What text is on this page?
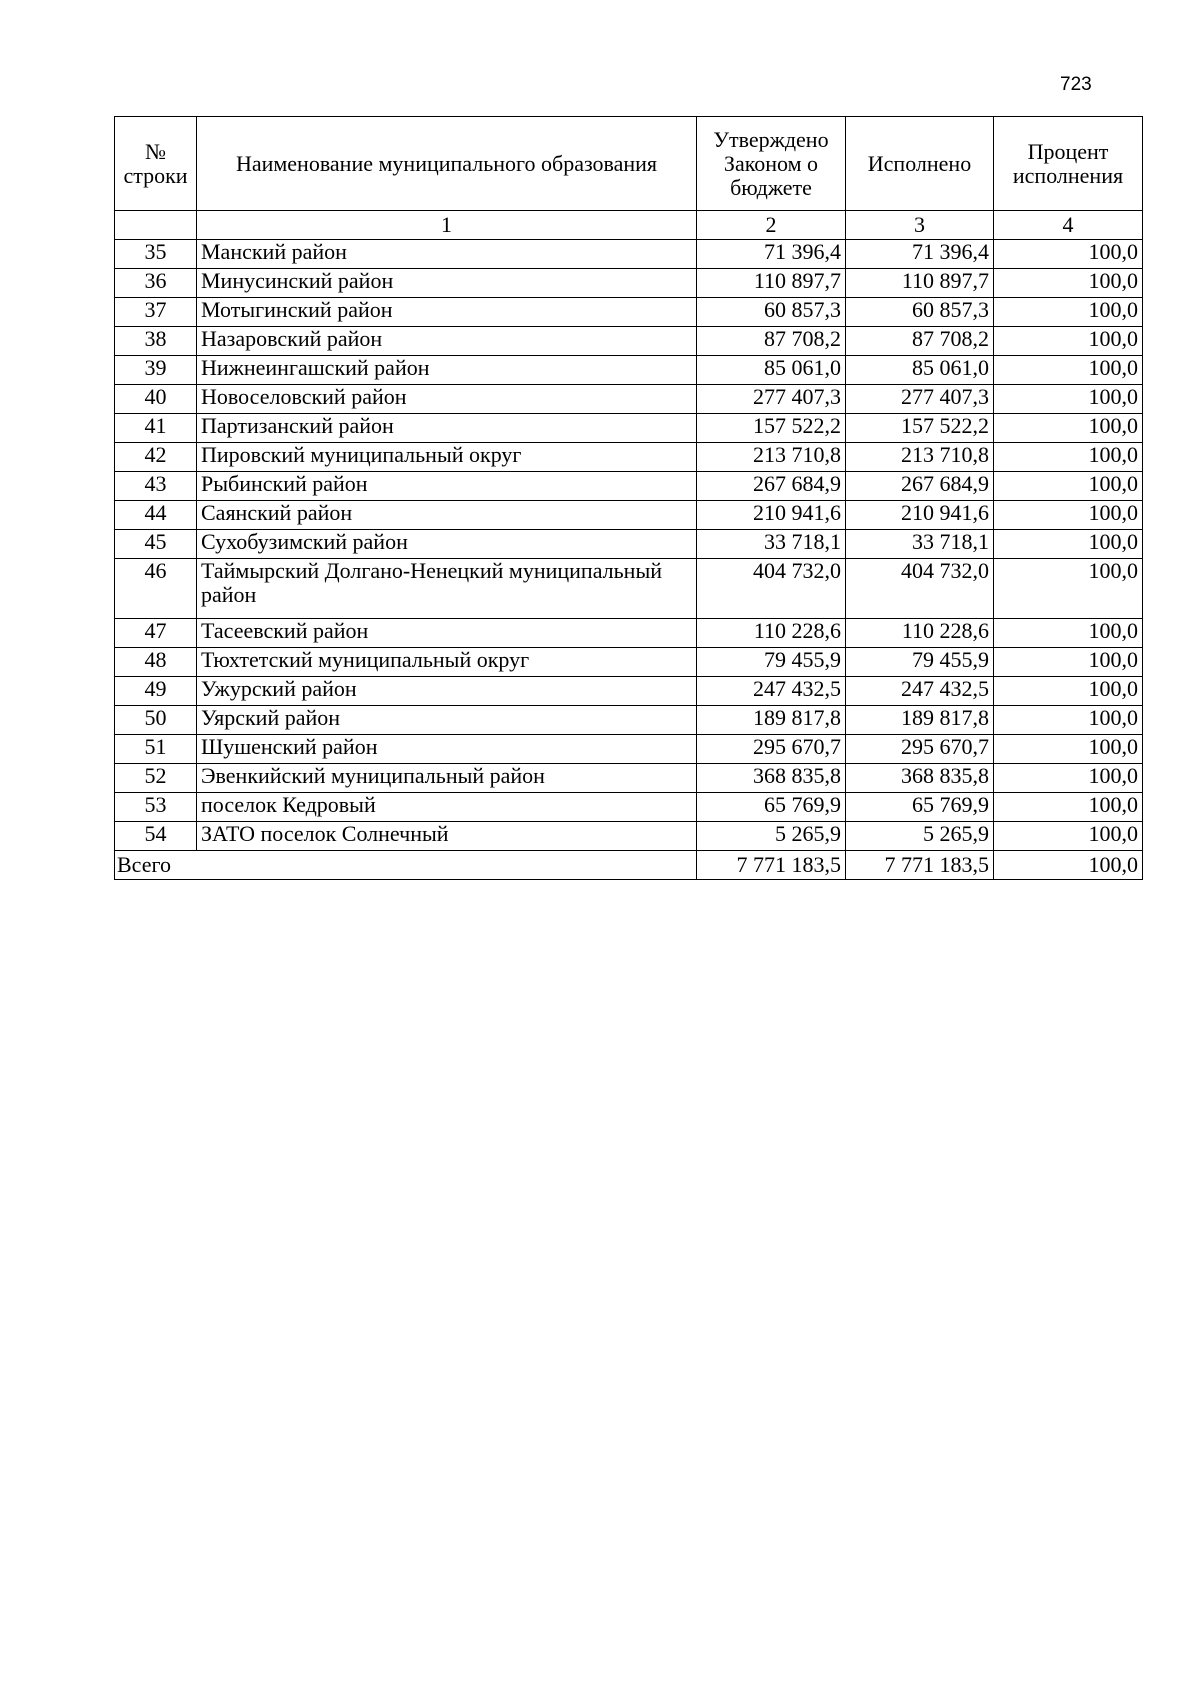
723
№ строки	Наименование муниципального образования	Утверждено Законом о бюджете	Исполнено	Процент исполнения
	1	2	3	4
35	Манский район	71 396,4	71 396,4	100,0
36	Минусинский район	110 897,7	110 897,7	100,0
37	Мотыгинский район	60 857,3	60 857,3	100,0
38	Назаровский район	87 708,2	87 708,2	100,0
39	Нижнеингашский район	85 061,0	85 061,0	100,0
40	Новоселовский район	277 407,3	277 407,3	100,0
41	Партизанский район	157 522,2	157 522,2	100,0
42	Пировский муниципальный округ	213 710,8	213 710,8	100,0
43	Рыбинский район	267 684,9	267 684,9	100,0
44	Саянский район	210 941,6	210 941,6	100,0
45	Сухобузимский район	33 718,1	33 718,1	100,0
46	Таймырский Долгано-Ненецкий муниципальный район	404 732,0	404 732,0	100,0
47	Тасеевский район	110 228,6	110 228,6	100,0
48	Тюхтетский муниципальный округ	79 455,9	79 455,9	100,0
49	Ужурский район	247 432,5	247 432,5	100,0
50	Уярский район	189 817,8	189 817,8	100,0
51	Шушенский район	295 670,7	295 670,7	100,0
52	Эвенкийский муниципальный район	368 835,8	368 835,8	100,0
53	поселок Кедровый	65 769,9	65 769,9	100,0
54	ЗАТО поселок Солнечный	5 265,9	5 265,9	100,0
Всего		7 771 183,5	7 771 183,5	100,0
